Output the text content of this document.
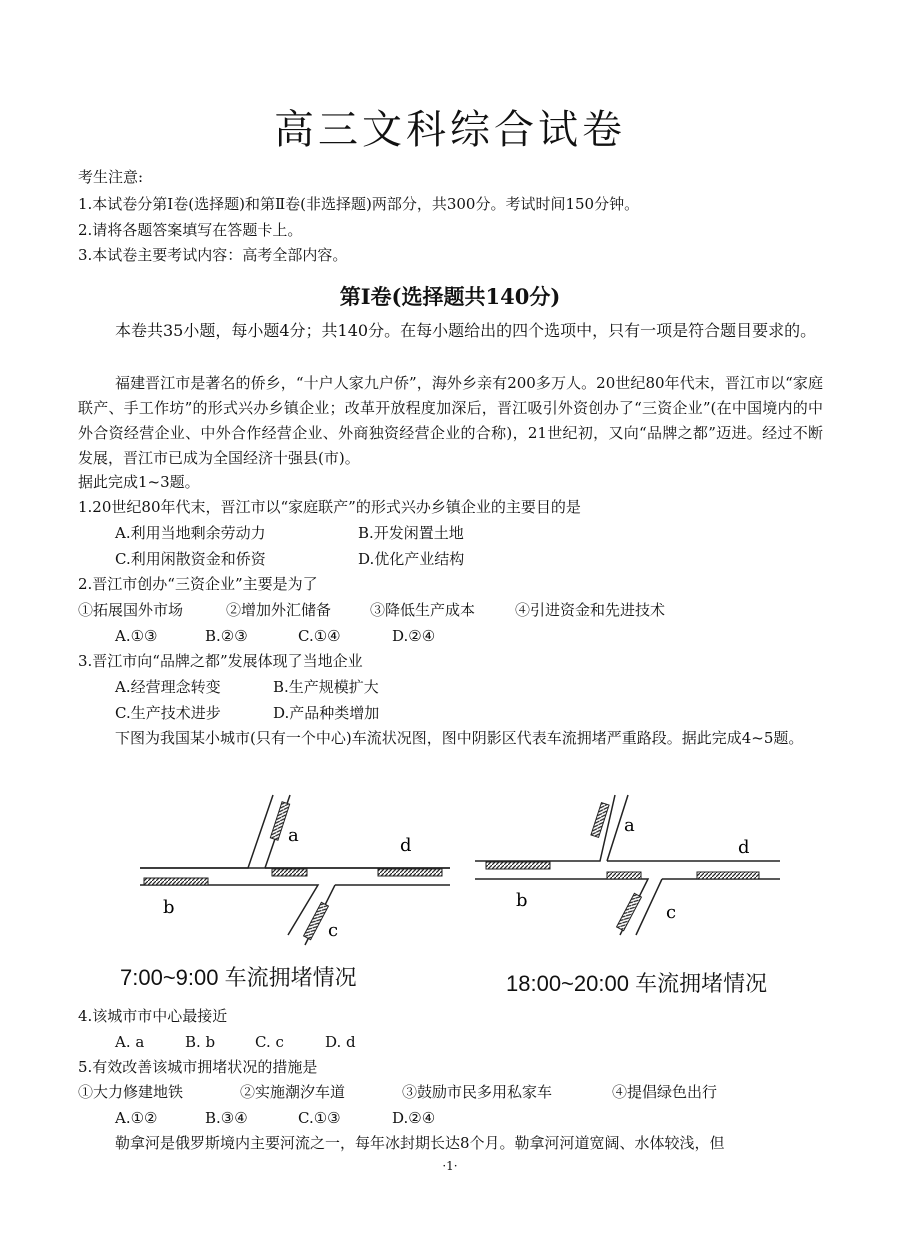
高三文科综合试卷
考生注意:
1.本试卷分第Ⅰ卷(选择题)和第Ⅱ卷(非选择题)两部分，共300分。考试时间150分钟。
2.请将各题答案填写在答题卡上。
3.本试卷主要考试内容：高考全部内容。
第Ⅰ卷(选择题共140分)
本卷共35小题，每小题4分；共140分。在每小题给出的四个选项中，只有一项是符合题目要求的。
福建晋江市是著名的侨乡，“十户人家九户侨”，海外乡亲有200多万人。20世纪80年代末，晋江市以“家庭联产、手工作坊”的形式兴办乡镇企业；改革开放程度加深后，晋江吸引外资创办了“三资企业”(在中国境内的中外合资经营企业、中外合作经营企业、外商独资经营企业的合称)，21世纪初，又向“品牌之都”迈进。经过不断发展，晋江市已成为全国经济十强县(市)。
据此完成1~3题。
1.20世纪80年代末，晋江市以“家庭联产”的形式兴办乡镇企业的主要目的是
A.利用当地剩余劳动力	B.开发闲置土地
C.利用闲散资金和侨资	D.优化产业结构
2.晋江市创办“三资企业”主要是为了
①拓展国外市场	②增加外汇储备	③降低生产成本	④引进资金和先进技术
A.①③	B.②③	C.①④	D.②④
3.晋江市向“品牌之都”发展体现了当地企业
A.经营理念转变	B.生产规模扩大
C.生产技术进步	D.产品种类增加
下图为我国某小城市(只有一个中心)车流状况图，图中阴影区代表车流拥堵严重路段。据此完成4~5题。
a	d
b
c
a
d
b
c
7:00~9:00 车流拥堵情况	18:00~20:00 车流拥堵情况
4.该城市市中心最接近
A. a	B. b	C. c	D. d
5.有效改善该城市拥堵状况的措施是
①大力修建地铁	②实施潮汐车道	③鼓励市民多用私家车	④提倡绿色出行
A.①②	B.③④	C.①③	D.②④
勒拿河是俄罗斯境内主要河流之一，每年冰封期长达8个月。勒拿河河道宽阔、水体较浅，但
·1·
